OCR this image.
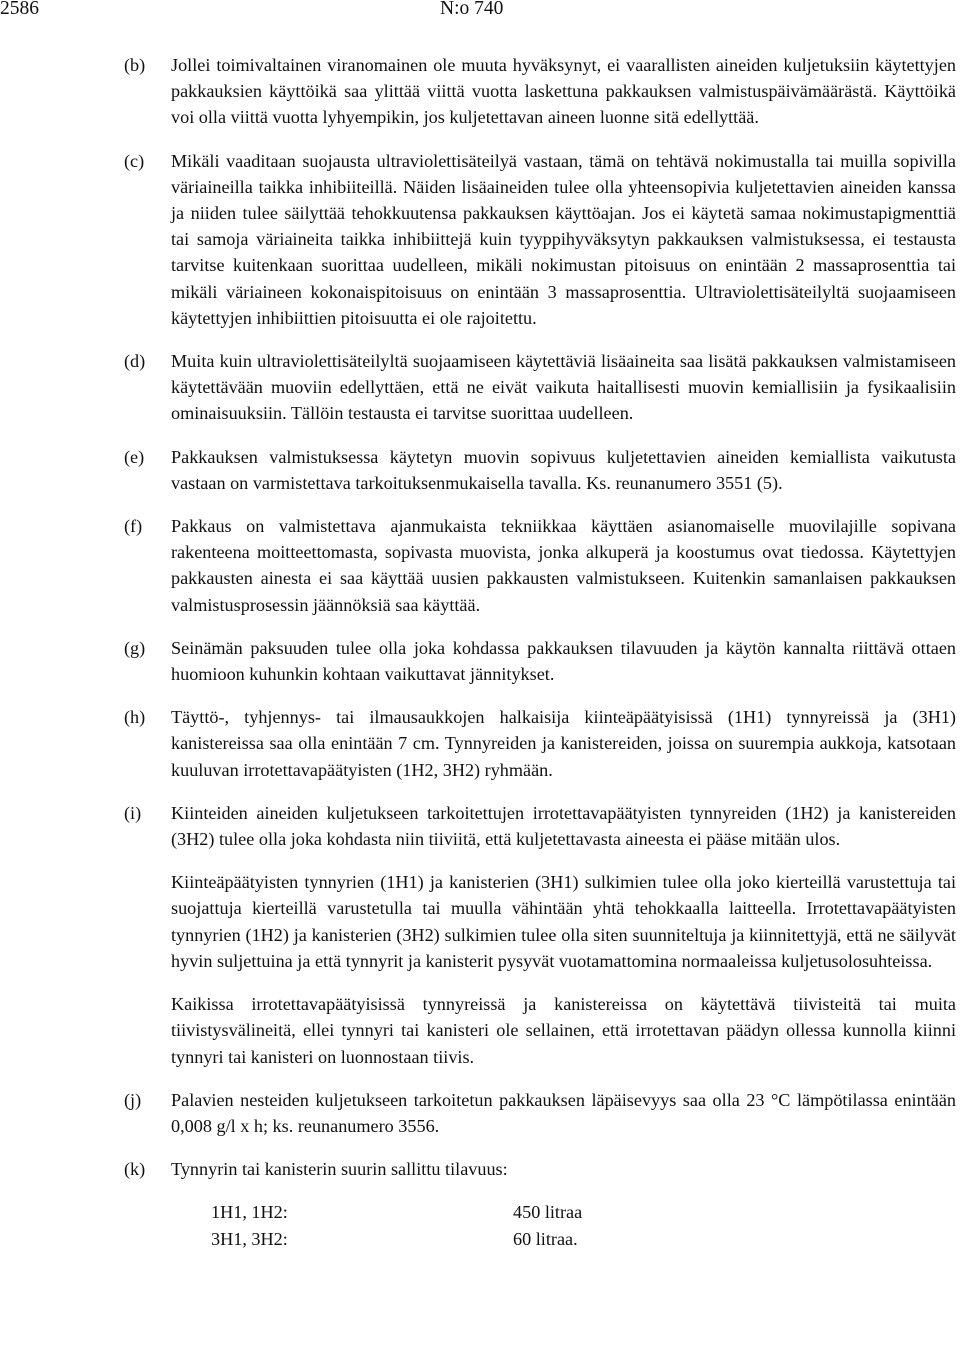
2586	N:o 740
(b) Jollei toimivaltainen viranomainen ole muuta hyväksynyt, ei vaarallisten aineiden kuljetuksiin käytettyjen pakkauksien käyttöikä saa ylittää viittä vuotta laskettuna pakkauksen valmistuspäivämäärästä. Käyttöikä voi olla viittä vuotta lyhyempikin, jos kuljetettavan aineen luonne sitä edellyttää.

(c) Mikäli vaaditaan suojausta ultraviolettisäteilyä vastaan, tämä on tehtävä nokimustalla tai muilla sopivilla väriaineilla taikka inhibiiteillä. Näiden lisäaineiden tulee olla yhteensopivia kuljetettavien aineiden kanssa ja niiden tulee säilyttää tehokkuutensa pakkauksen käyttöajan. Jos ei käytetä samaa nokimustapigmenttiä tai samoja väriaineita taikka inhibiittejä kuin tyyppihyväksytyn pakkauksen valmistuksessa, ei testausta tarvitse kuitenkaan suorittaa uudelleen, mikäli nokimustan pitoisuus on enintään 2 massaprosenttia tai mikäli väriaineen kokonaispitoisuus on enintään 3 massaprosenttia. Ultraviolettisäteilyltä suojaamiseen käytettyjen inhibiittien pitoisuutta ei ole rajoitettu.

(d) Muita kuin ultraviolettisäteilyltä suojaamiseen käytettäviä lisäaineita saa lisätä pakkauksen valmistamiseen käytettävään muoviin edellyttäen, että ne eivät vaikuta haitallisesti muovin kemiallisiin ja fysikaalisiin ominaisuuksiin. Tällöin testausta ei tarvitse suorittaa uudelleen.

(e) Pakkauksen valmistuksessa käytetyn muovin sopivuus kuljetettavien aineiden kemiallista vaikutusta vastaan on varmistettava tarkoituksenmukaisella tavalla. Ks. reunanumero 3551 (5).

(f) Pakkaus on valmistettava ajanmukaista tekniikkaa käyttäen asianomaiselle muovilajille sopivana rakenteena moitteettomasta, sopivasta muovista, jonka alkuperä ja koostumus ovat tiedossa. Käytettyjen pakkausten ainesta ei saa käyttää uusien pakkausten valmistukseen. Kuitenkin samanlaisen pakkauksen valmistusprosessin jäännöksiä saa käyttää.

(g) Seinämän paksuuden tulee olla joka kohdassa pakkauksen tilavuuden ja käytön kannalta riittävä ottaen huomioon kuhunkin kohtaan vaikuttavat jännitykset.

(h) Täyttö-, tyhjennys- tai ilmausaukkojen halkaisija kiinteäpäätyisissä (1H1) tynnyreissä ja (3H1) kanistereissa saa olla enintään 7 cm. Tynnyreiden ja kanistereiden, joissa on suurempia aukkoja, katsotaan kuuluvan irrotettavapäätyisten (1H2, 3H2) ryhmään.

(i) Kiinteiden aineiden kuljetukseen tarkoitettujen irrotettavapäätyisten tynnyreiden (1H2) ja kanistereiden (3H2) tulee olla joka kohdasta niin tiiviitä, että kuljetettavasta aineesta ei pääse mitään ulos.

Kiinteäpäätyisten tynnyrien (1H1) ja kanisterien (3H1) sulkimien tulee olla joko kierteillä varustettuja tai suojattuja kierteillä varustetulla tai muulla vähintään yhtä tehokkaalla laitteella. Irrotettavapäätyisten tynnyrien (1H2) ja kanisterien (3H2) sulkimien tulee olla siten suunniteltuja ja kiinnitettyjä, että ne säilyvät hyvin suljettuina ja että tynnyrit ja kanisterit pysyvät vuotamattomina normaaleissa kuljetusolosuhteissa.

Kaikissa irrotettavapäätyisissä tynnyreissä ja kanistereissa on käytettävä tiivisteitä tai muita tiivistysvälineitä, ellei tynnyri tai kanisteri ole sellainen, että irrotettavan päädyn ollessa kunnolla kiinni tynnyri tai kanisteri on luonnostaan tiivis.

(j) Palavien nesteiden kuljetukseen tarkoitetun pakkauksen läpäisevyys saa olla 23 °C lämpötilassa enintään 0,008 g/l x h; ks. reunanumero 3556.

(k) Tynnyrin tai kanisterin suurin sallittu tilavuus:

1H1, 1H2:	450 litraa
3H1, 3H2:	60 litraa.
